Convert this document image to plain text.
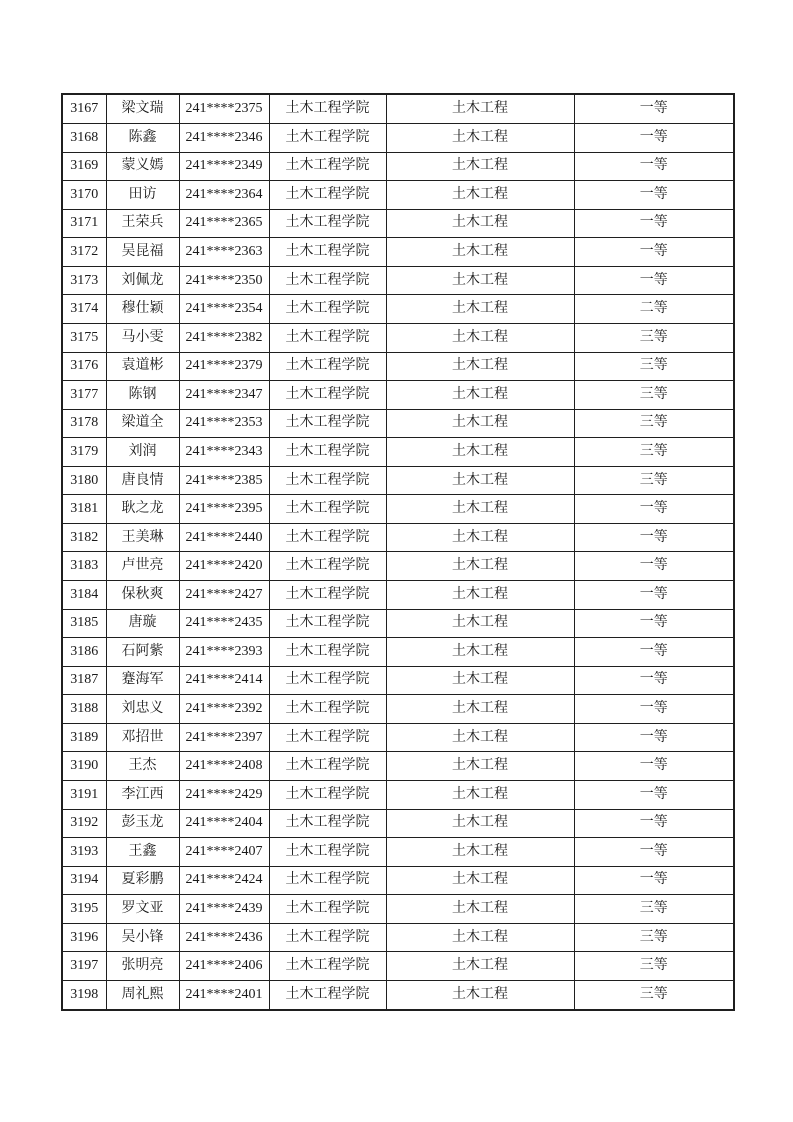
3167	梁文瑞	241****2375	土木工程学院	土木工程	一等
3168	陈鑫	241****2346	土木工程学院	土木工程	一等
3169	蒙义嫣	241****2349	土木工程学院	土木工程	一等
3170	田访	241****2364	土木工程学院	土木工程	一等
3171	王荣兵	241****2365	土木工程学院	土木工程	一等
3172	吴昆福	241****2363	土木工程学院	土木工程	一等
3173	刘佩龙	241****2350	土木工程学院	土木工程	一等
3174	穆仕颖	241****2354	土木工程学院	土木工程	二等
3175	马小雯	241****2382	土木工程学院	土木工程	三等
3176	袁道彬	241****2379	土木工程学院	土木工程	三等
3177	陈钢	241****2347	土木工程学院	土木工程	三等
3178	梁道全	241****2353	土木工程学院	土木工程	三等
3179	刘润	241****2343	土木工程学院	土木工程	三等
3180	唐良情	241****2385	土木工程学院	土木工程	三等
3181	耿之龙	241****2395	土木工程学院	土木工程	一等
3182	王美琳	241****2440	土木工程学院	土木工程	一等
3183	卢世亮	241****2420	土木工程学院	土木工程	一等
3184	保秋爽	241****2427	土木工程学院	土木工程	一等
3185	唐璇	241****2435	土木工程学院	土木工程	一等
3186	石阿紫	241****2393	土木工程学院	土木工程	一等
3187	蹇海军	241****2414	土木工程学院	土木工程	一等
3188	刘忠义	241****2392	土木工程学院	土木工程	一等
3189	邓招世	241****2397	土木工程学院	土木工程	一等
3190	王杰	241****2408	土木工程学院	土木工程	一等
3191	李江西	241****2429	土木工程学院	土木工程	一等
3192	彭玉龙	241****2404	土木工程学院	土木工程	一等
3193	王鑫	241****2407	土木工程学院	土木工程	一等
3194	夏彩鹏	241****2424	土木工程学院	土木工程	一等
3195	罗文亚	241****2439	土木工程学院	土木工程	三等
3196	吴小锋	241****2436	土木工程学院	土木工程	三等
3197	张明亮	241****2406	土木工程学院	土木工程	三等
3198	周礼熙	241****2401	土木工程学院	土木工程	三等
